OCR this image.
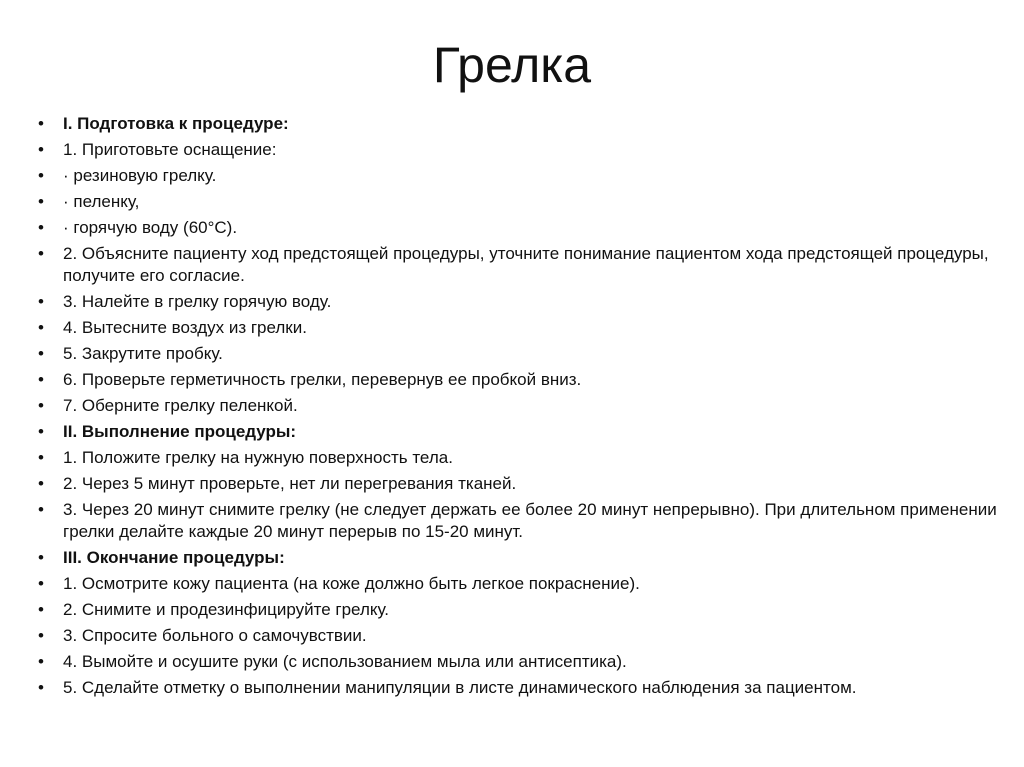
Грелка
•	I. Подготовка к процедуре:
•	1. Приготовьте оснащение:
•	· резиновую грелку.
•	· пеленку,
•	· горячую воду (60°С).
•	2. Объясните пациенту ход предстоящей процедуры, уточните понимание пациентом хода предстоящей процедуры, получите его согласие.
•	3. Налейте в грелку горячую воду.
•	4. Вытесните воздух из грелки.
•	5. Закрутите пробку.
•	6. Проверьте герметичность грелки, перевернув ее пробкой вниз.
•	7. Оберните грелку пеленкой.
•	II. Выполнение процедуры:
•	1. Положите грелку на нужную поверхность тела.
•	2. Через 5 минут проверьте, нет ли перегревания тканей.
•	3. Через 20 минут снимите грелку (не следует держать ее более 20 минут непрерывно). При длительном применении грелки делайте каждые 20 минут перерыв по 15-20 минут.
•	III. Окончание процедуры:
•	1. Осмотрите кожу пациента (на коже должно быть легкое покраснение).
•	2. Снимите и продезинфицируйте грелку.
•	3. Спросите больного о самочувствии.
•	4. Вымойте и осушите руки (с использованием мыла или антисептика).
•	5. Сделайте отметку о выполнении манипуляции в листе динамического наблюдения за пациентом.
